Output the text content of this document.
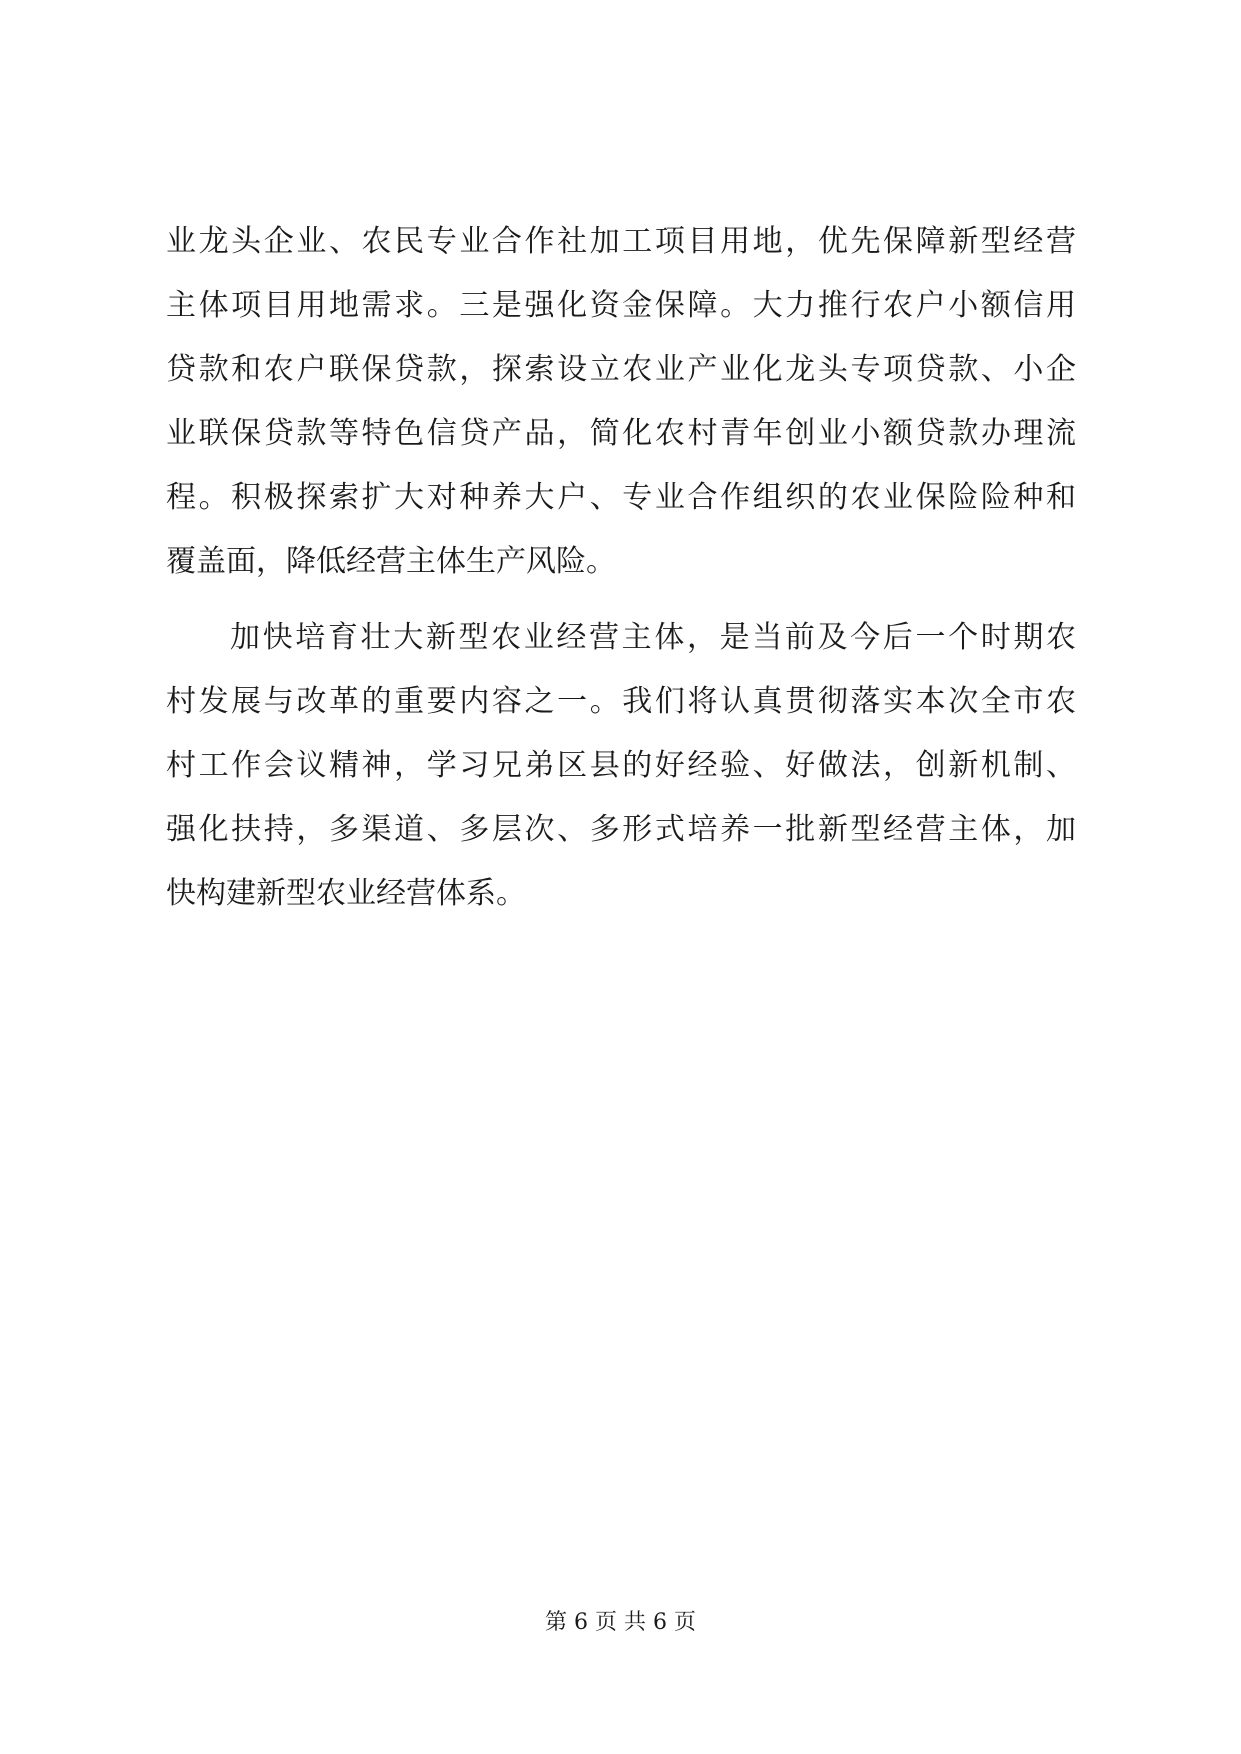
业龙头企业、农民专业合作社加工项目用地，优先保障新型经营
主体项目用地需求。三是强化资金保障。大力推行农户小额信用
贷款和农户联保贷款，探索设立农业产业化龙头专项贷款、小企
业联保贷款等特色信贷产品，简化农村青年创业小额贷款办理流
程。积极探索扩大对种养大户、专业合作组织的农业保险险种和
覆盖面，降低经营主体生产风险。
加快培育壮大新型农业经营主体，是当前及今后一个时期农
村发展与改革的重要内容之一。我们将认真贯彻落实本次全市农
村工作会议精神，学习兄弟区县的好经验、好做法，创新机制、
强化扶持，多渠道、多层次、多形式培养一批新型经营主体，加
快构建新型农业经营体系。
第 6 页 共 6 页
